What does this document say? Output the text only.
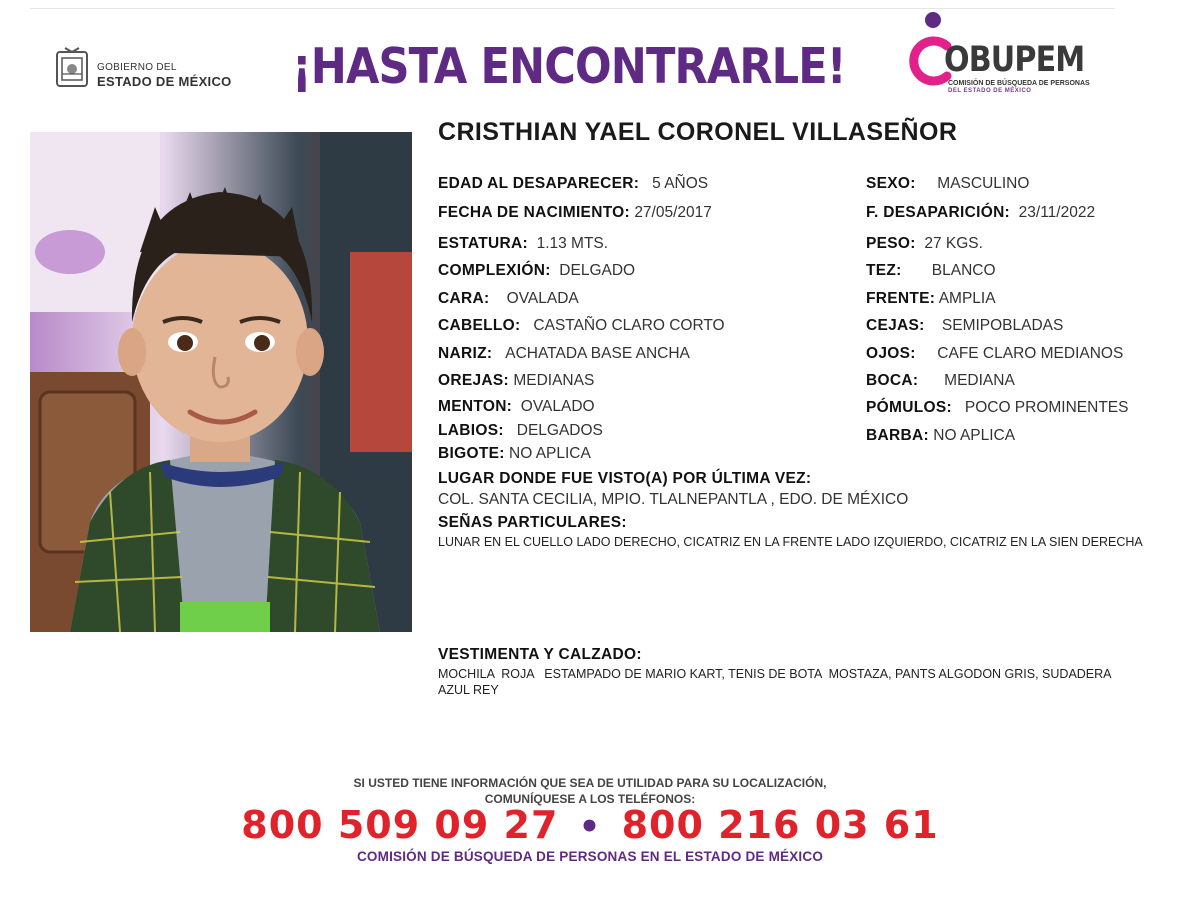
GOBIERNO DEL
ESTADO DE MÉXICO ¡HASTA ENCONTRARLE!	OBUPEM
COMISIÓN DE BÚSQUEDA DE PERSONAS
DEL ESTADO DE MÉXICO
CRISTHIAN YAEL CORONEL VILLASEÑOR
EDAD AL DESAPARECER: 5 AÑOS
FECHA DE NACIMIENTO: 27/05/2017
ESTATURA: 1.13 MTS.
COMPLEXIÓN: DELGADO
CARA: OVALADA
CABELLO: CASTAÑO CLARO CORTO
NARIZ: ACHATADA BASE ANCHA
OREJAS: MEDIANAS
MENTON: OVALADO
LABIOS: DELGADOS
BIGOTE: NO APLICA
SEXO: MASCULINO
F. DESAPARICIÓN: 23/11/2022
PESO: 27 KGS.
TEZ: BLANCO
FRENTE: AMPLIA
CEJAS: SEMIPOBLADAS
OJOS: CAFE CLARO MEDIANOS
BOCA: MEDIANA
PÓMULOS: POCO PROMINENTES
BARBA: NO APLICA
LUGAR DONDE FUE VISTO(A) POR ÚLTIMA VEZ:
COL. SANTA CECILIA, MPIO. TLALNEPANTLA , EDO. DE MÉXICO
SEÑAS PARTICULARES:
LUNAR EN EL CUELLO LADO DERECHO, CICATRIZ EN LA FRENTE LADO IZQUIERDO, CICATRIZ EN LA SIEN DERECHA
VESTIMENTA Y CALZADO:
MOCHILA  ROJA   ESTAMPADO DE MARIO KART, TENIS DE BOTA  MOSTAZA, PANTS ALGODON GRIS, SUDADERA  AZUL REY
SI USTED TIENE INFORMACIÓN QUE SEA DE UTILIDAD PARA SU LOCALIZACIÓN,
COMUNÍQUESE A LOS TELÉFONOS:
800 509 09 27 • 800 216 03 61
COMISIÓN DE BÚSQUEDA DE PERSONAS EN EL ESTADO DE MÉXICO
